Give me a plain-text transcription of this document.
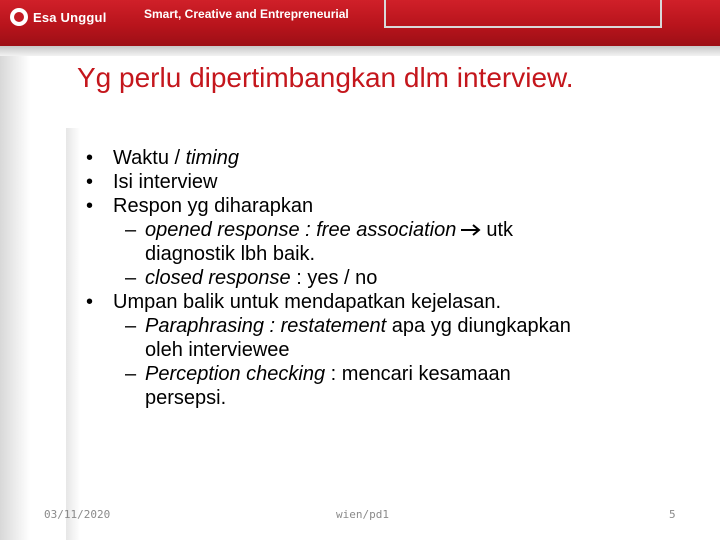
Esa Unggul	Smart, Creative and Entrepreneurial
Yg perlu dipertimbangkan dlm interview.
• Waktu / timing
• Isi interview
• Respon yg diharapkan
– opened response : free association utk
diagnostik lbh baik.
– closed response : yes / no
• Umpan balik untuk mendapatkan kejelasan.
– Paraphrasing : restatement apa yg diungkapkan
oleh interviewee
– Perception checking : mencari kesamaan
persepsi.
03/11/2020	wien/pd1	5
